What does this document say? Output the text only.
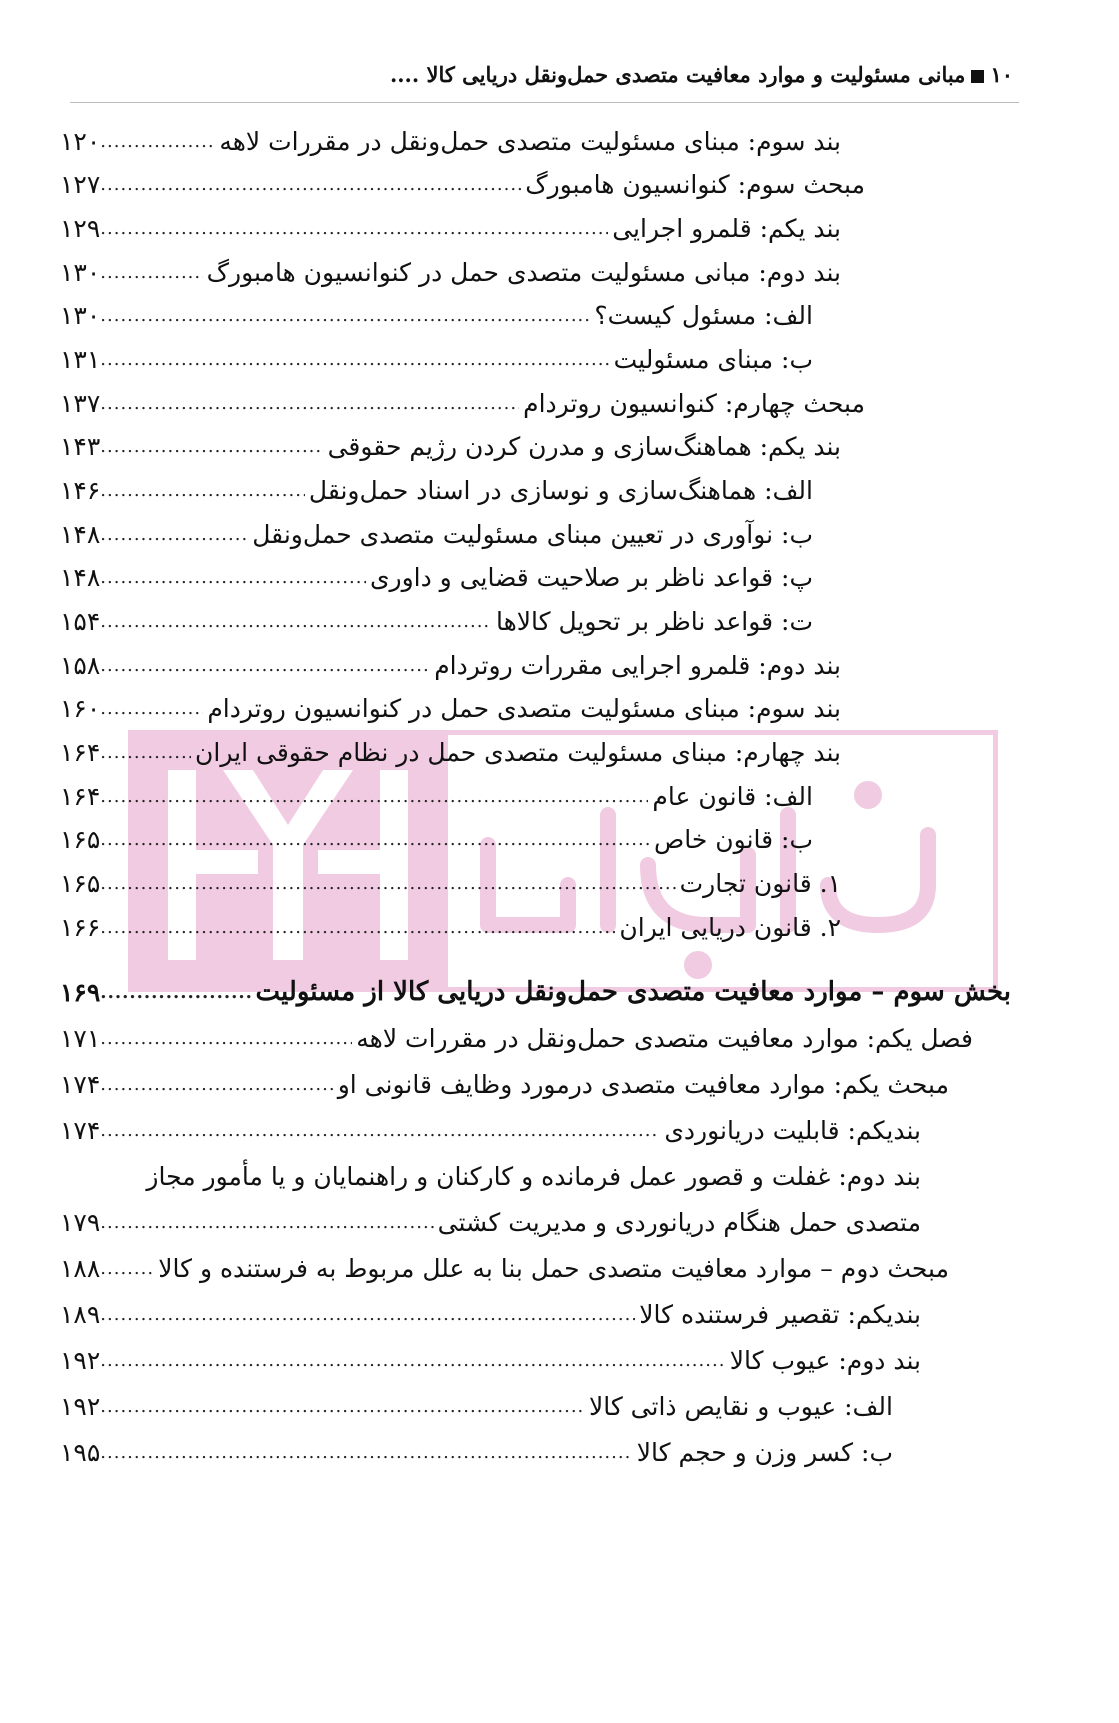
۱۰مبانی مسئولیت و موارد معافیت متصدی حمل‌ونقل دریایی کالا ....
بند سوم: مبنای مسئولیت متصدی حمل‌ونقل در مقررات لاهه
.....
۱۲۰
مبحث سوم: کنوانسیون هامبورگ
.....
۱۲۷
بند یکم: قلمرو اجرایی
.....
۱۲۹
بند دوم: مبانی مسئولیت متصدی حمل در کنوانسیون هامبورگ
.....
۱۳۰
الف: مسئول کیست؟
.....
۱۳۰
ب: مبنای مسئولیت
.....
۱۳۱
مبحث چهارم: کنوانسیون روتردام
.....
۱۳۷
بند یکم: هماهنگ‌سازی و مدرن کردن رژیم حقوقی
.....
۱۴۳
الف: هماهنگ‌سازی و نوسازی در اسناد حمل‌ونقل
.....
۱۴۶
ب: نوآوری در تعیین مبنای مسئولیت متصدی حمل‌ونقل
.....
۱۴۸
پ: قواعد ناظر بر صلاحیت قضایی و داوری
.....
۱۴۸
ت: قواعد ناظر بر تحویل کالاها
.....
۱۵۴
بند دوم: قلمرو اجرایی مقررات روتردام
.....
۱۵۸
بند سوم: مبنای مسئولیت متصدی حمل در کنوانسیون روتردام
.....
۱۶۰
بند چهارم: مبنای مسئولیت متصدی حمل در نظام حقوقی ایران
.....
۱۶۴
الف: قانون عام
.....
۱۶۴
ب: قانون خاص
.....
۱۶۵
۱. قانون تجارت
.....
۱۶۵
۲. قانون دریایی ایران
.....
۱۶۶
بخش سوم – موارد معافیت متصدی حمل‌ونقل دریایی کالا از مسئولیت
.....
۱۶۹
فصل یکم: موارد معافیت متصدی حمل‌ونقل در مقررات لاهه
.....
۱۷۱
مبحث یکم: موارد معافیت متصدی درمورد وظایف قانونی او
.....
۱۷۴
بندیکم: قابلیت دریانوردی
.....
۱۷۴
بند دوم: غفلت و قصور عمل فرمانده و کارکنان و راهنمایان و یا مأمور مجاز
متصدی حمل هنگام دریانوردی و مدیریت کشتی
.....
۱۷۹
مبحث دوم – موارد معافیت متصدی حمل بنا به علل مربوط به فرستنده و کالا
.....
۱۸۸
بندیکم: تقصیر فرستنده کالا
.....
۱۸۹
بند دوم: عیوب کالا
.....
۱۹۲
الف: عیوب و نقایص ذاتی کالا
.....
۱۹۲
ب: کسر وزن و حجم کالا
.....
۱۹۵
